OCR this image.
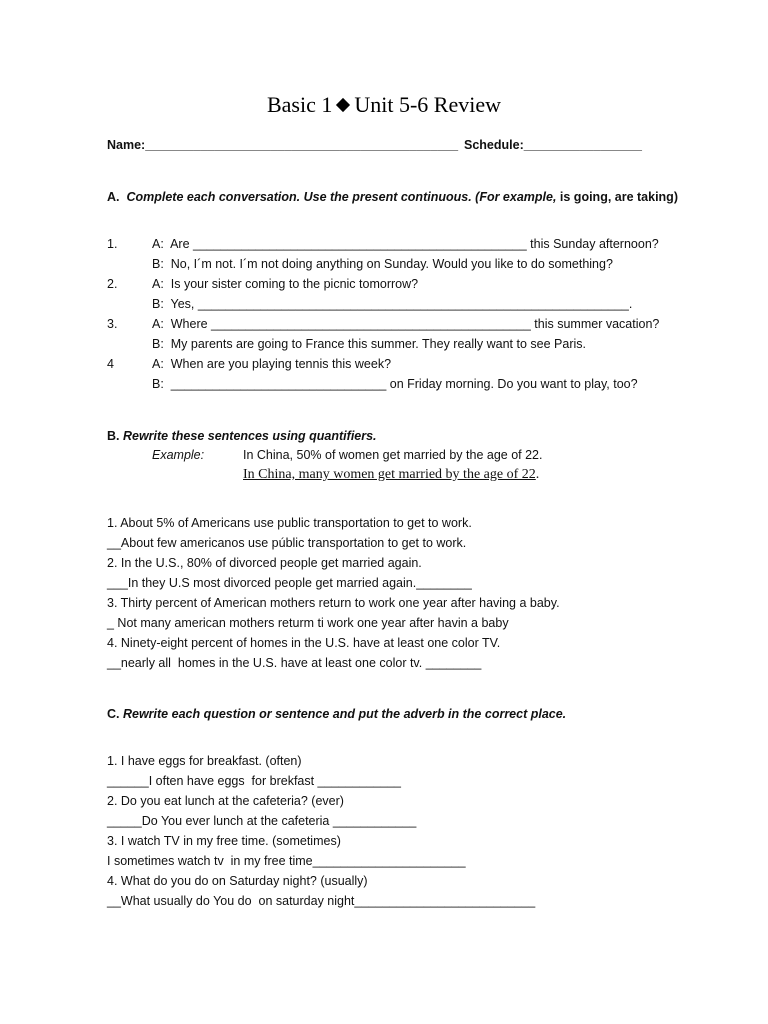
Basic 1 Unit 5-6 Review
Name:_____________________________________________ Schedule:_________________
A. Complete each conversation. Use the present continuous. (For example, is going, are taking)
1.	A:  Are ________________________________________________ this Sunday afternoon?
B:  No, I´m not. I´m not doing anything on Sunday. Would you like to do something?
2.	A:  Is your sister coming to the picnic tomorrow?
B:  Yes, ______________________________________________________________.
3.	A:  Where ______________________________________________ this summer vacation?
B:  My parents are going to France this summer. They really want to see Paris.
4	A:  When are you playing tennis this week?
B:  _______________________________ on Friday morning. Do you want to play, too?
B. Rewrite these sentences using quantifiers.
Example:	In China, 50% of women get married by the age of 22.
In China, many women get married by the age of 22.
1. About 5% of Americans use public transportation to get to work.
__About few americanos use públic transportation to get to work.
2. In the U.S., 80% of divorced people get married again.
___In they U.S most divorced people get married again.________
3. Thirty percent of American mothers return to work one year after having a baby.
_ Not many american mothers returm ti work one year after havin a baby
4. Ninety-eight percent of homes in the U.S. have at least one color TV.
__nearly all  homes in the U.S. have at least one color tv. ________
C. Rewrite each question or sentence and put the adverb in the correct place.
1. I have eggs for breakfast. (often)
______I often have eggs  for brekfast ____________
2. Do you eat lunch at the cafeteria? (ever)
_____Do You ever lunch at the cafeteria ____________
3. I watch TV in my free time. (sometimes)
I sometimes watch tv  in my free time______________________
4. What do you do on Saturday night? (usually)
__What usually do You do  on saturday night__________________________
